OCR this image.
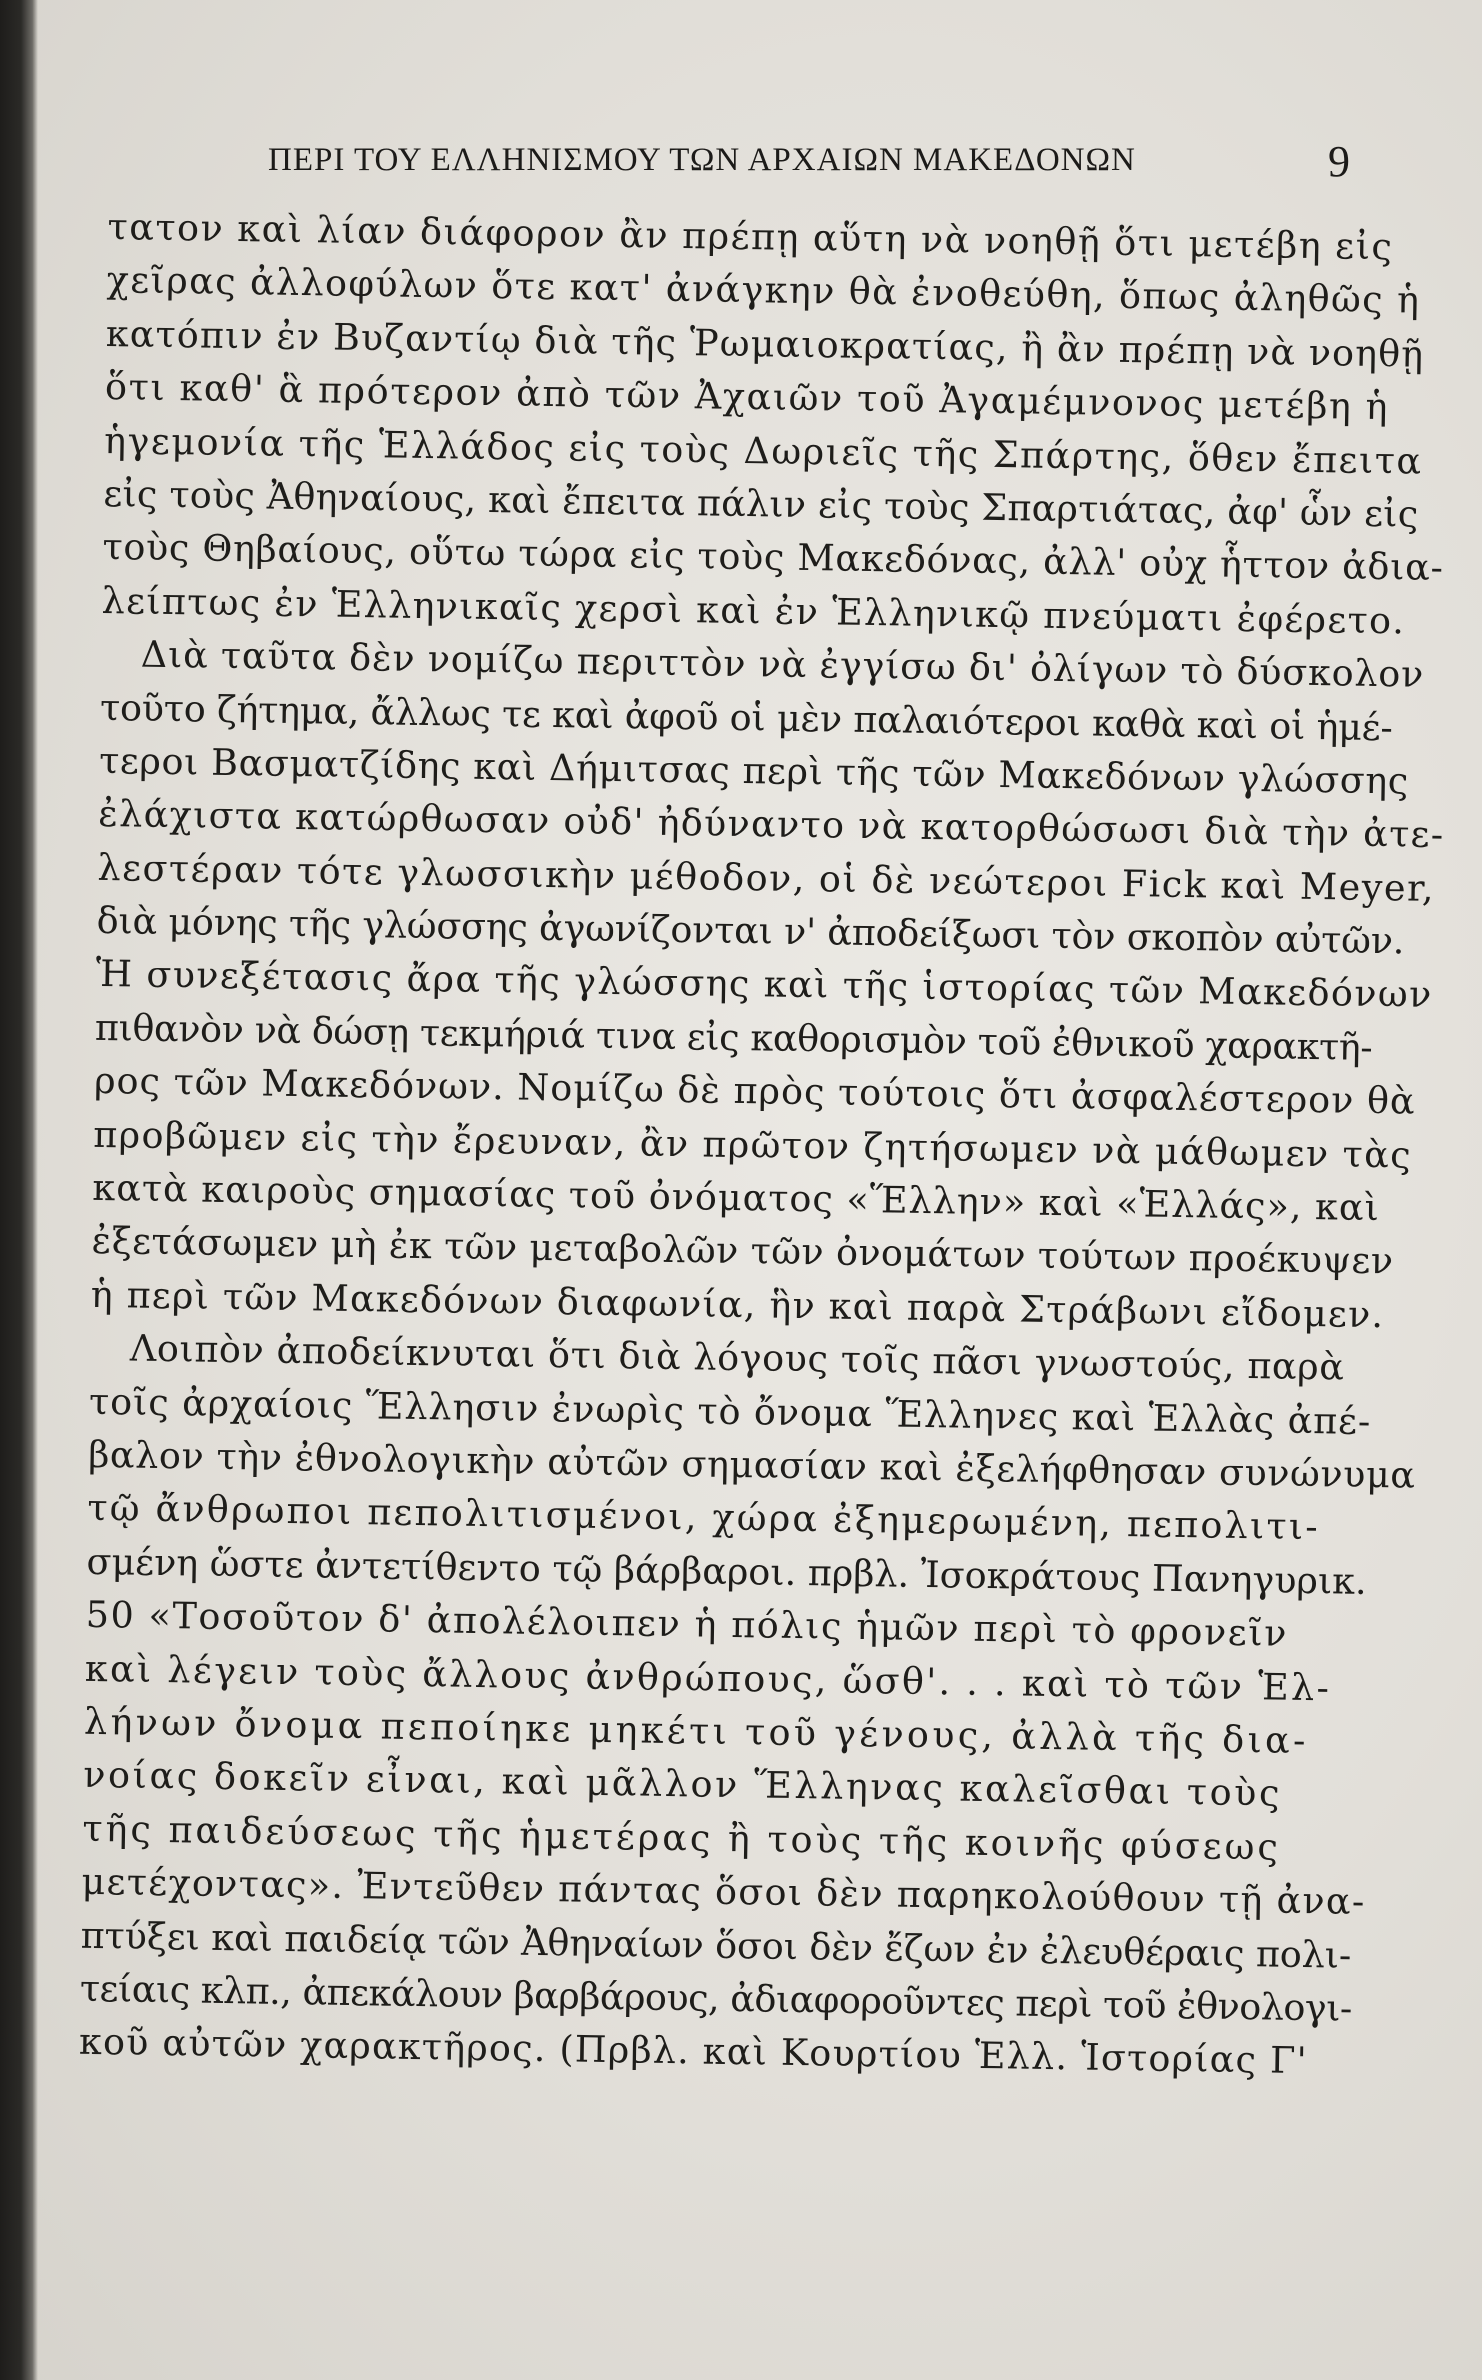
ΠΕΡΙ ΤΟΥ ΕΛΛΗΝΙΣΜΟΥ ΤΩΝ ΑΡΧΑΙΩΝ ΜΑΚΕΔΟΝΩΝ	9
τατον καὶ λίαν διάφορον ἂν πρέπῃ αὕτη νὰ νοηθῇ ὅτι μετέβη εἰς
χεῖρας ἀλλοφύλων ὅτε κατ' ἀνάγκην θὰ ἐνοθεύθη, ὅπως ἀληθῶς ἡ
κατόπιν ἐν Βυζαντίῳ διὰ τῆς Ῥωμαιοκρατίας, ἢ ἂν πρέπῃ νὰ νοηθῇ
ὅτι καθ' ἃ πρότερον ἀπὸ τῶν Ἀχαιῶν τοῦ Ἀγαμέμνονος μετέβη ἡ
ἡγεμονία τῆς Ἑλλάδος εἰς τοὺς Δωριεῖς τῆς Σπάρτης, ὅθεν ἔπειτα
εἰς τοὺς Ἀθηναίους, καὶ ἔπειτα πάλιν εἰς τοὺς Σπαρτιάτας, ἀφ' ὧν εἰς
τοὺς Θηβαίους, οὕτω τώρα εἰς τοὺς Μακεδόνας, ἀλλ' οὐχ ἧττον ἀδια-
λείπτως ἐν Ἑλληνικαῖς χερσὶ καὶ ἐν Ἑλληνικῷ πνεύματι ἐφέρετο.
Διὰ ταῦτα δὲν νομίζω περιττὸν νὰ ἐγγίσω δι' ὀλίγων τὸ δύσκολον
τοῦτο ζήτημα, ἄλλως τε καὶ ἀφοῦ οἱ μὲν παλαιότεροι καθὰ καὶ οἱ ἡμέ-
τεροι Βασματζίδης καὶ Δήμιτσας περὶ τῆς τῶν Μακεδόνων γλώσσης
ἐλάχιστα κατώρθωσαν οὐδ' ἠδύναντο νὰ κατορθώσωσι διὰ τὴν ἀτε-
λεστέραν τότε γλωσσικὴν μέθοδον, οἱ δὲ νεώτεροι Fick καὶ Meyer,
διὰ μόνης τῆς γλώσσης ἀγωνίζονται ν' ἀποδείξωσι τὸν σκοπὸν αὐτῶν.
Ἡ συνεξέτασις ἄρα τῆς γλώσσης καὶ τῆς ἱστορίας τῶν Μακεδόνων
πιθανὸν νὰ δώσῃ τεκμήριά τινα εἰς καθορισμὸν τοῦ ἐθνικοῦ χαρακτῆ-
ρος τῶν Μακεδόνων. Νομίζω δὲ πρὸς τούτοις ὅτι ἀσφαλέστερον θὰ
προβῶμεν εἰς τὴν ἔρευναν, ἂν πρῶτον ζητήσωμεν νὰ μάθωμεν τὰς
κατὰ καιροὺς σημασίας τοῦ ὀνόματος «Ἕλλην» καὶ «Ἑλλάς», καὶ
ἐξετάσωμεν μὴ ἐκ τῶν μεταβολῶν τῶν ὀνομάτων τούτων προέκυψεν
ἡ περὶ τῶν Μακεδόνων διαφωνία, ἣν καὶ παρὰ Στράβωνι εἴδομεν.
Λοιπὸν ἀποδείκνυται ὅτι διὰ λόγους τοῖς πᾶσι γνωστούς, παρὰ
τοῖς ἀρχαίοις Ἕλλησιν ἐνωρὶς τὸ ὄνομα Ἕλληνες καὶ Ἑλλὰς ἀπέ-
βαλον τὴν ἐθνολογικὴν αὐτῶν σημασίαν καὶ ἐξελήφθησαν συνώνυμα
τῷ ἄνθρωποι πεπολιτισμένοι, χώρα ἐξημερωμένη, πεπολιτι-
σμένη ὥστε ἀντετίθεντο τῷ βάρβαροι. πρβλ. Ἰσοκράτους Πανηγυρικ.
50 «Τοσοῦτον δ' ἀπολέλοιπεν ἡ πόλις ἡμῶν περὶ τὸ φρονεῖν
καὶ λέγειν τοὺς ἄλλους ἀνθρώπους, ὥσθ'. . . καὶ τὸ τῶν Ἑλ-
λήνων ὄνομα πεποίηκε μηκέτι τοῦ γένους, ἀλλὰ τῆς δια-
νοίας δοκεῖν εἶναι, καὶ μᾶλλον Ἕλληνας καλεῖσθαι τοὺς
τῆς παιδεύσεως τῆς ἡμετέρας ἢ τοὺς τῆς κοινῆς φύσεως
μετέχοντας». Ἐντεῦθεν πάντας ὅσοι δὲν παρηκολούθουν τῇ ἀνα-
πτύξει καὶ παιδείᾳ τῶν Ἀθηναίων ὅσοι δὲν ἔζων ἐν ἐλευθέραις πολι-
τείαις κλπ., ἀπεκάλουν βαρβάρους, ἀδιαφοροῦντες περὶ τοῦ ἐθνολογι-
κοῦ αὐτῶν χαρακτῆρος. (Πρβλ. καὶ Κουρτίου Ἑλλ. Ἱστορίας Γ'
